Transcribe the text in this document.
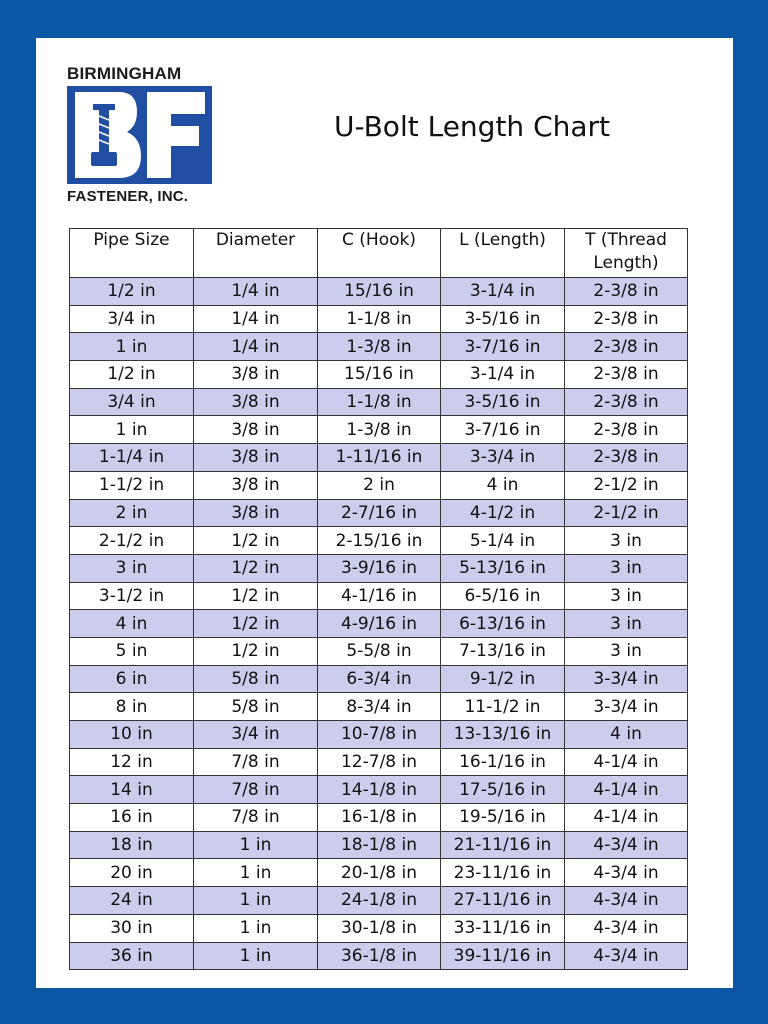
BIRMINGHAM
FASTENER, INC.
U-Bolt Length Chart
Pipe Size	Diameter	C (Hook)	L (Length)	T (Thread Length)
1/2 in	1/4 in	15/16 in	3-1/4 in	2-3/8 in
3/4 in	1/4 in	1-1/8 in	3-5/16 in	2-3/8 in
1 in	1/4 in	1-3/8 in	3-7/16 in	2-3/8 in
1/2 in	3/8 in	15/16 in	3-1/4 in	2-3/8 in
3/4 in	3/8 in	1-1/8 in	3-5/16 in	2-3/8 in
1 in	3/8 in	1-3/8 in	3-7/16 in	2-3/8 in
1-1/4 in	3/8 in	1-11/16 in	3-3/4 in	2-3/8 in
1-1/2 in	3/8 in	2 in	4 in	2-1/2 in
2 in	3/8 in	2-7/16 in	4-1/2 in	2-1/2 in
2-1/2 in	1/2 in	2-15/16 in	5-1/4 in	3 in
3 in	1/2 in	3-9/16 in	5-13/16 in	3 in
3-1/2 in	1/2 in	4-1/16 in	6-5/16 in	3 in
4 in	1/2 in	4-9/16 in	6-13/16 in	3 in
5 in	1/2 in	5-5/8 in	7-13/16 in	3 in
6 in	5/8 in	6-3/4 in	9-1/2 in	3-3/4 in
8 in	5/8 in	8-3/4 in	11-1/2 in	3-3/4 in
10 in	3/4 in	10-7/8 in	13-13/16 in	4 in
12 in	7/8 in	12-7/8 in	16-1/16 in	4-1/4 in
14 in	7/8 in	14-1/8 in	17-5/16 in	4-1/4 in
16 in	7/8 in	16-1/8 in	19-5/16 in	4-1/4 in
18 in	1 in	18-1/8 in	21-11/16 in	4-3/4 in
20 in	1 in	20-1/8 in	23-11/16 in	4-3/4 in
24 in	1 in	24-1/8 in	27-11/16 in	4-3/4 in
30 in	1 in	30-1/8 in	33-11/16 in	4-3/4 in
36 in	1 in	36-1/8 in	39-11/16 in	4-3/4 in
